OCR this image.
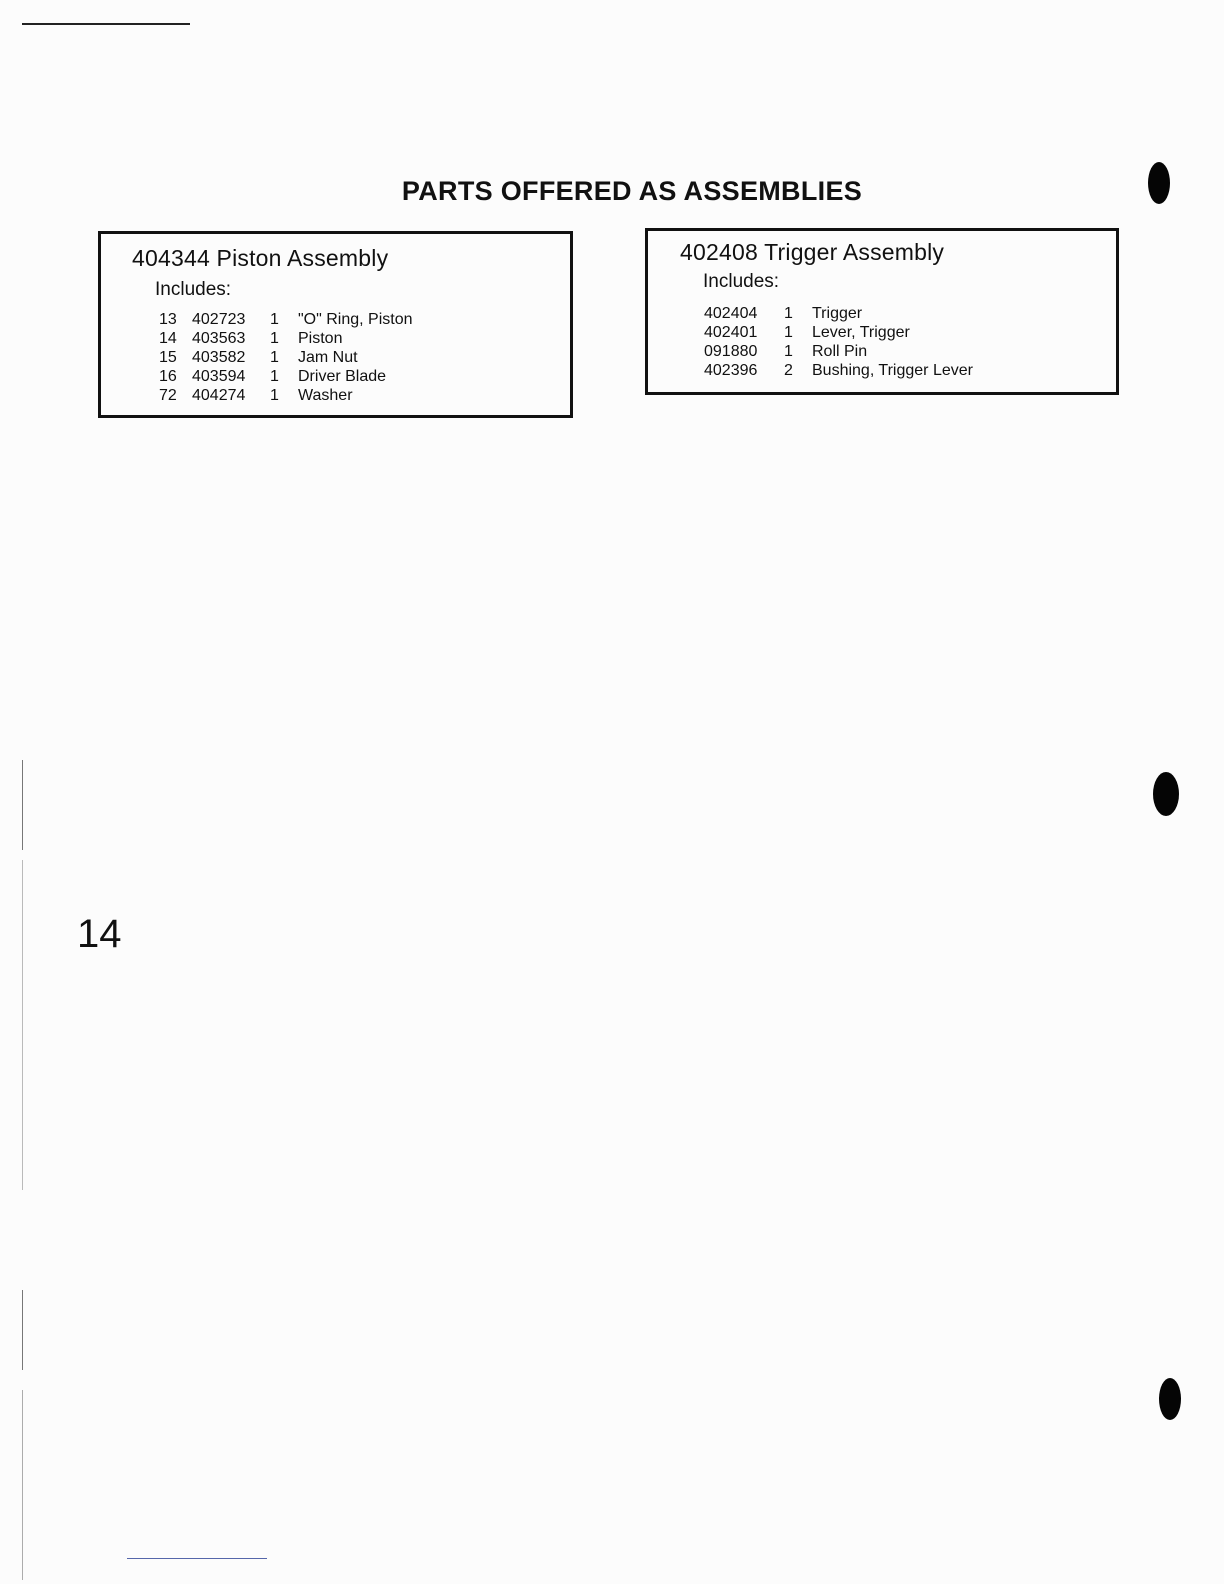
PARTS OFFERED AS ASSEMBLIES
404344 Piston Assembly
Includes:
13	402723	1	"O" Ring, Piston
14	403563	1	Piston
15	403582	1	Jam Nut
16	403594	1	Driver Blade
72	404274	1	Washer
402408 Trigger Assembly
Includes:
402404	1	Trigger
402401	1	Lever, Trigger
091880	1	Roll Pin
402396	2	Bushing, Trigger Lever
14
